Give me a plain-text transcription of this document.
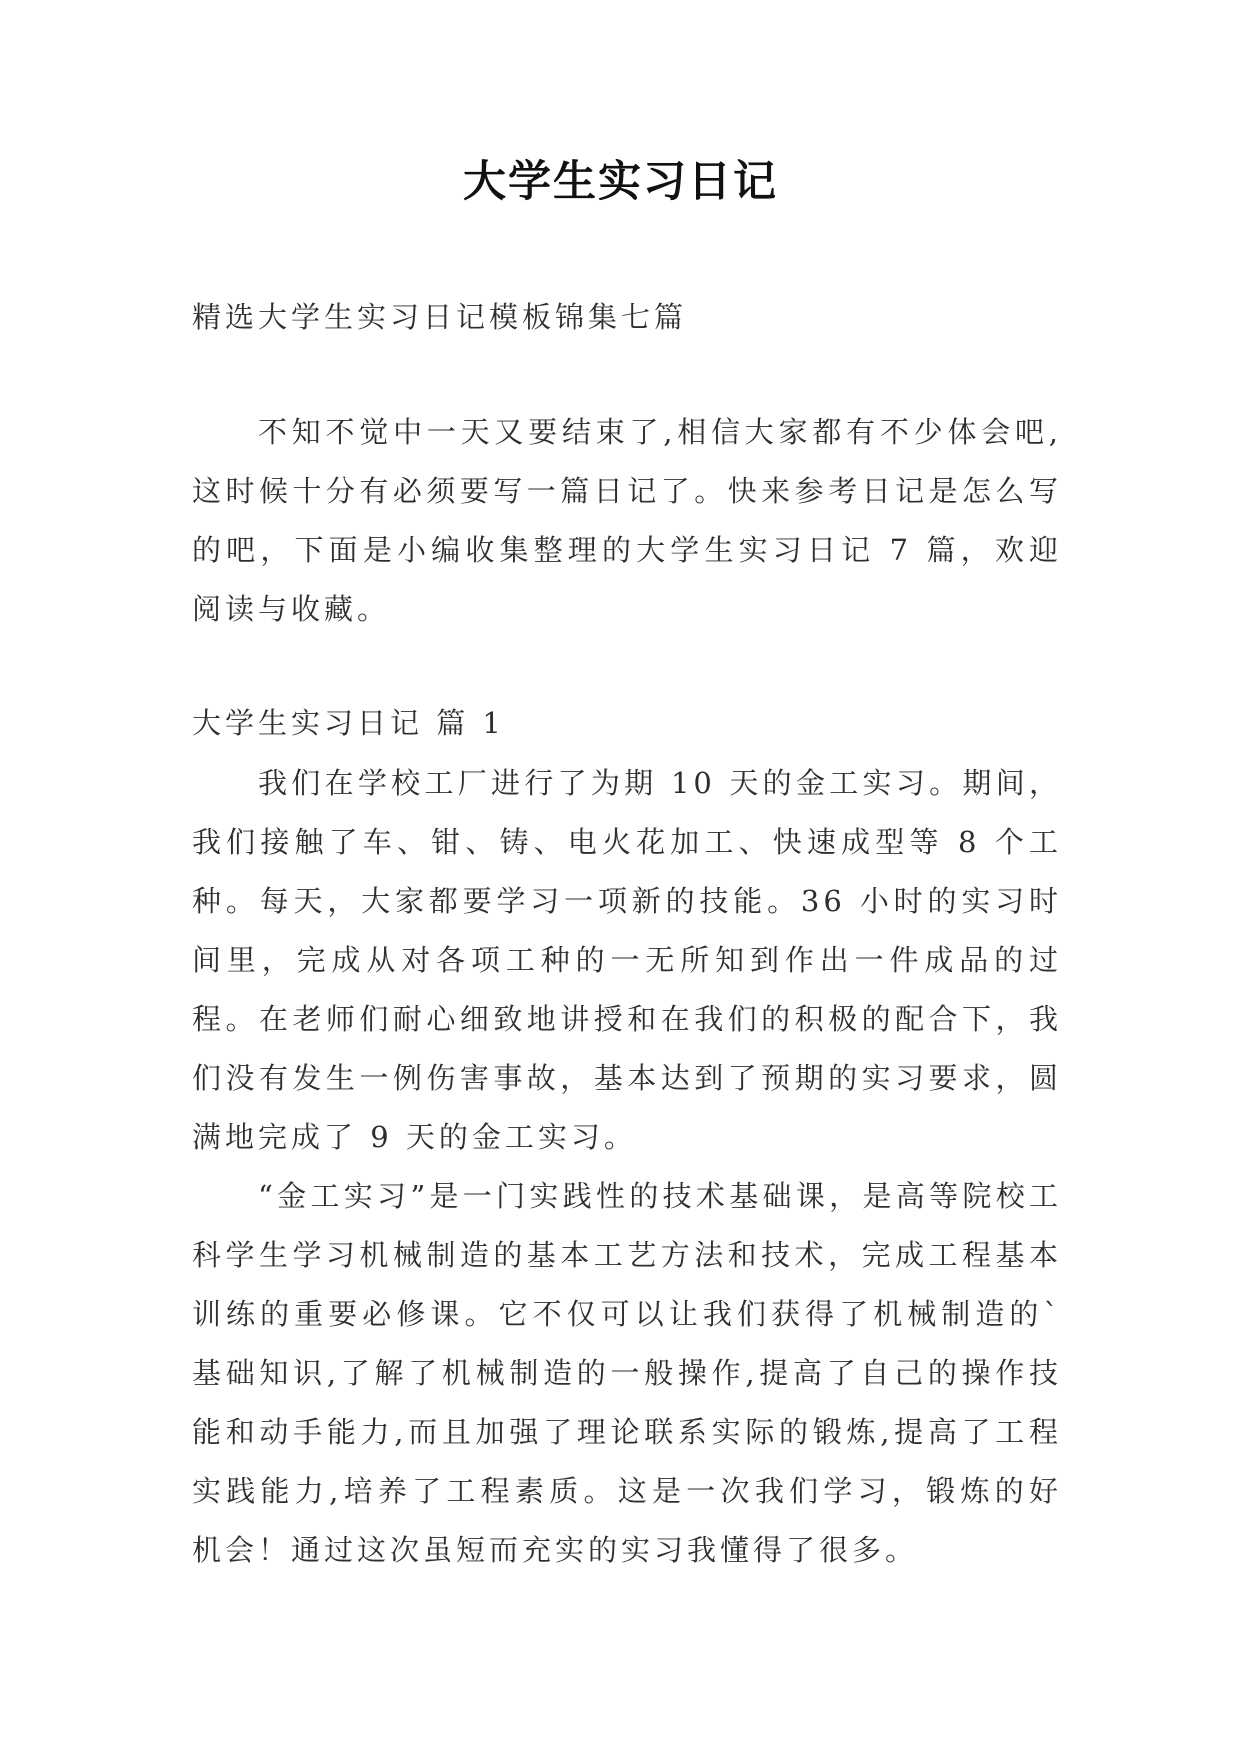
大学生实习日记

精选大学生实习日记模板锦集七篇

不知不觉中一天又要结束了,相信大家都有不少体会吧,这时候十分有必须要写一篇日记了。快来参考日记是怎么写的吧，下面是小编收集整理的大学生实习日记 7 篇，欢迎阅读与收藏。

大学生实习日记 篇 1

我们在学校工厂进行了为期 10 天的金工实习。期间，我们接触了车、钳、铸、电火花加工、快速成型等 8 个工种。每天，大家都要学习一项新的技能。36 小时的实习时间里，完成从对各项工种的一无所知到作出一件成品的过程。在老师们耐心细致地讲授和在我们的积极的配合下，我们没有发生一例伤害事故，基本达到了预期的实习要求，圆满地完成了 9 天的金工实习。

“金工实习”是一门实践性的技术基础课，是高等院校工科学生学习机械制造的基本工艺方法和技术，完成工程基本训练的重要必修课。它不仅可以让我们获得了机械制造的`基础知识,了解了机械制造的一般操作,提高了自己的操作技能和动手能力,而且加强了理论联系实际的锻炼,提高了工程实践能力,培养了工程素质。这是一次我们学习，锻炼的好机会！通过这次虽短而充实的实习我懂得了很多。
